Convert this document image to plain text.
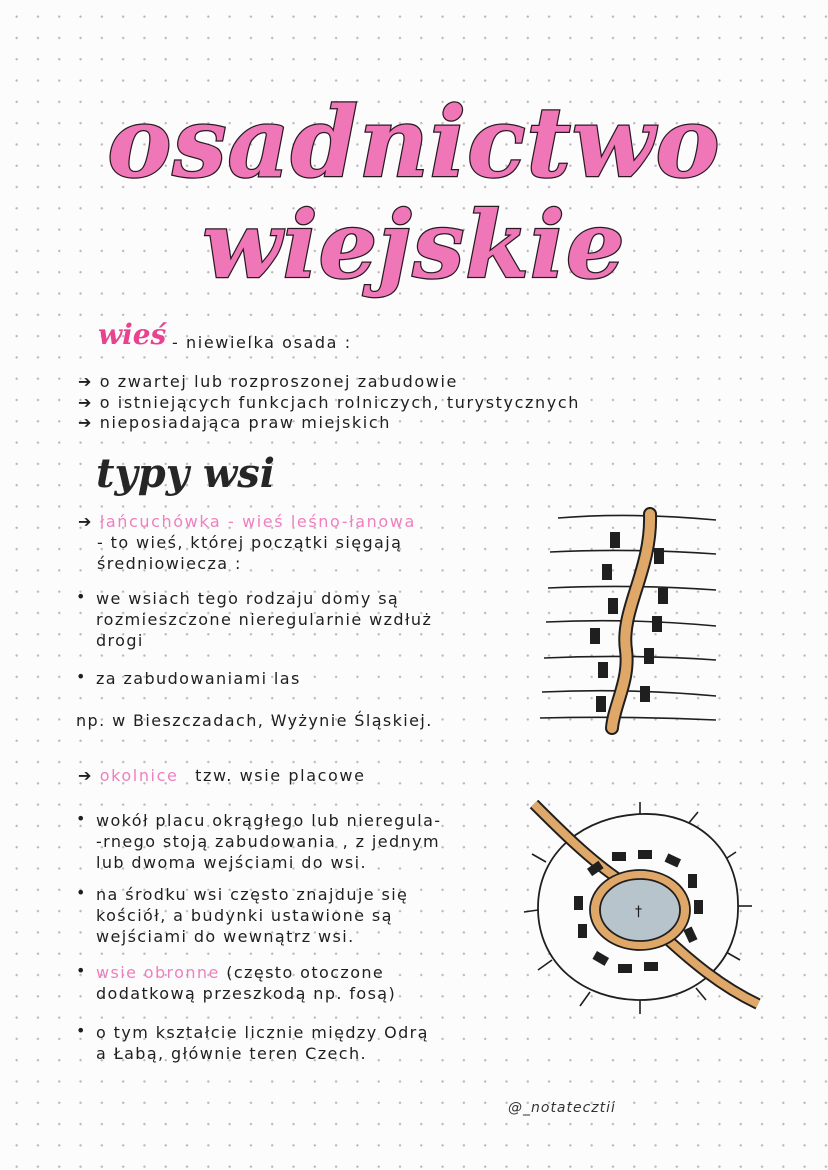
osadnictwo
wiejskie
wieś - niewielka osada :
➔ o zwartej lub rozproszonej zabudowie
➔ o istniejących funkcjach rolniczych, turystycznych
➔ nieposiadająca praw miejskich
typy wsi
➔ łańcuchówka - wieś leśno-łanowa
- to wieś, której początki sięgają
średniowiecza :
• we wsiach tego rodzaju domy są
rozmieszczone nieregularnie wzdłuż
drogi
• za zabudowaniami las
np. w Bieszczadach, Wyżynie Śląskiej.
➔ okolnice tzw. wsie placowe
• wokół placu okrągłego lub nieregula-
-rnego stoją zabudowania , z jednym
lub dwoma wejściami do wsi.
• na środku wsi często znajduje się
kościół, a budynki ustawione są
wejściami do wewnątrz wsi.
• wsie obronne (często otoczone
dodatkową przeszkodą np. fosą)
• o tym kształcie licznie między Odrą
a Łabą, głównie teren Czech.
†
@_notatecztii
